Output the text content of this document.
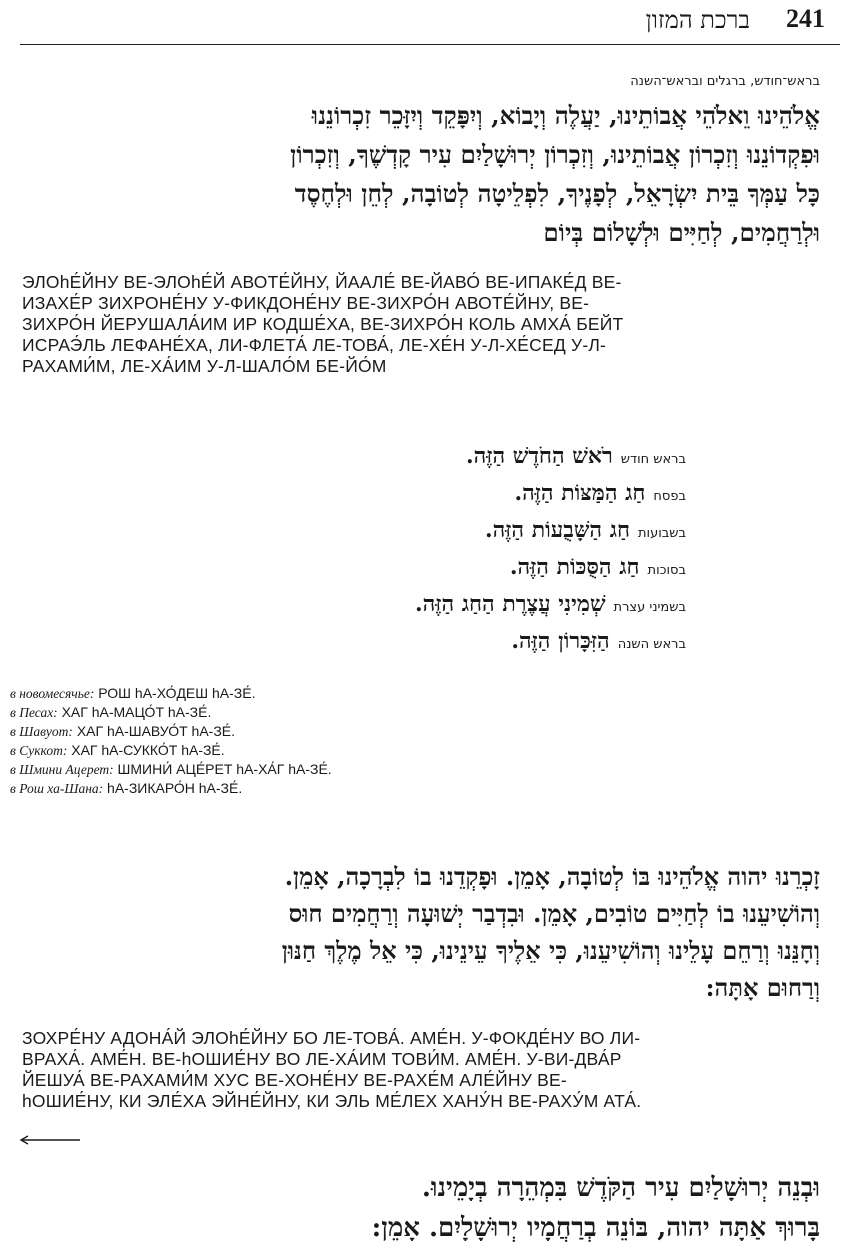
241
ברכת המזון
בראש־חודש, ברגלים ובראש־השנה

אֱלֹהֵינוּ וֵאלֹהֵי אֲבוֹתֵינוּ, יַעֲלֶה וְיָבוֹא, וְיִפָּקֵד וְיִזָּכֵר זִכְרוֹנֵנוּ

וּפִקְדוֹנֵנוּ וְזִכְרוֹן אֲבוֹתֵינוּ, וְזִכְרוֹן יְרוּשָׁלַיִם עִיר קָדְשֶׁךָ, וְזִכְרוֹן

כָּל עַמְּךָ בֵּית יִשְׂרָאֵל, לְפָנֶיךָ, לִפְלֵיטָה לְטוֹבָה, לְחֵן וּלְחֶסֶד

וּלְרַחֲמִים, לְחַיִּים וּלְשָׁלוֹם בְּיוֹם

ЭЛОhЕ́ЙНУ ВЕ-ЭЛОhЕ́Й АВОТЕ́ЙНУ, ЙААЛЕ́ ВЕ-ЙАВО́ ВЕ-ИПАКЕ́Д ВЕ-
ИЗАХЕ́Р ЗИХРОНЕ́НУ У-ФИКДОНЕ́НУ ВЕ-ЗИХРО́Н АВОТЕ́ЙНУ, ВЕ-
ЗИХРО́Н ЙЕРУШАЛА́ИМ ИР КОДШЕ́ХА, ВЕ-ЗИХРО́Н КОЛЬ АМХА́ БЕЙТ
ИСРАЭ́ЛЬ ЛЕФАНЕ́ХА, ЛИ-ФЛЕТА́ ЛЕ-ТОВА́, ЛЕ-ХЕ́Н У-Л-ХЕ́СЕД У-Л-
РАХАМИ́М, ЛЕ-ХА́ИМ У-Л-ШАЛО́М БЕ-ЙО́М
בראש חודשרֹאשׁ הַחֹדֶשׁ הַזֶּה.
בפסחחַג הַמַּצּוֹת הַזֶּה.
בשבועותחַג הַשָּׁבֻעוֹת הַזֶּה.
בסוכותחַג הַסֻּכּוֹת הַזֶּה.
בשמיני עצרתשְׁמִינִי עֲצֶרֶת הַחַג הַזֶּה.
בראש השנההַזִּכָּרוֹן הַזֶּה.
в новомесячье: РОШ hА-ХО́ДЕШ hА-ЗЕ́.
в Песах: ХАГ hА-МАЦО́Т hА-ЗЕ́.
в Шавуот: ХАГ hА-ШАВУО́Т hА-ЗЕ́.
в Суккот: ХАГ hА-СУККО́Т hА-ЗЕ́.
в Шмини Ацерет: ШМИНИ́ АЦЕ́РЕТ hА-ХА́Г hА-ЗЕ́.
в Рош ха-Шана: hА-ЗИКАРО́Н hА-ЗЕ́.

זָכְרֵנוּ יהוה אֱלֹהֵינוּ בּוֹ לְטוֹבָה, אָמֵן. וּפָקְדֵנוּ בוֹ לִבְרָכָה, אָמֵן.

וְהוֹשִׁיעֵנוּ בוֹ לְחַיִּים טוֹבִים, אָמֵן. וּבִדְבַר יְשׁוּעָה וְרַחֲמִים חוּס

וְחָנֵּנוּ וְרַחֵם עָלֵינוּ וְהוֹשִׁיעֵנוּ, כִּי אֵלֶיךָ עֵינֵינוּ, כִּי אֵל מֶלֶךְ חַנּוּן

וְרַחוּם אָתָּה:

ЗОХРЕ́НУ АДОНА́Й ЭЛОhЕ́ЙНУ БО ЛЕ-ТОВА́. АМЕ́Н. У-ФОКДЕ́НУ ВО ЛИ-
ВРАХА́. АМЕ́Н. ВЕ-hОШИЕ́НУ ВО ЛЕ-ХА́ИМ ТОВИ́М. АМЕ́Н. У-ВИ-ДВА́Р
ЙЕШУА́ ВЕ-РАХАМИ́М ХУС ВЕ-ХОНЕ́НУ ВЕ-РАХЕ́М АЛЕ́ЙНУ ВЕ-
hОШИЕ́НУ, КИ ЭЛЕ́ХА ЭЙНЕ́ЙНУ, КИ ЭЛЬ МЕ́ЛЕХ ХАНУ́Н ВЕ-РАХУ́М АТА́.

וּבְנֵה יְרוּשָׁלַיִם עִיר הַקֹּדֶשׁ בִּמְהֵרָה בְיָמֵינוּ.

בָּרוּךְ אַתָּה יהוה, בּוֹנֵה בְרַחֲמָיו יְרוּשָׁלָיִם. אָמֵן:
